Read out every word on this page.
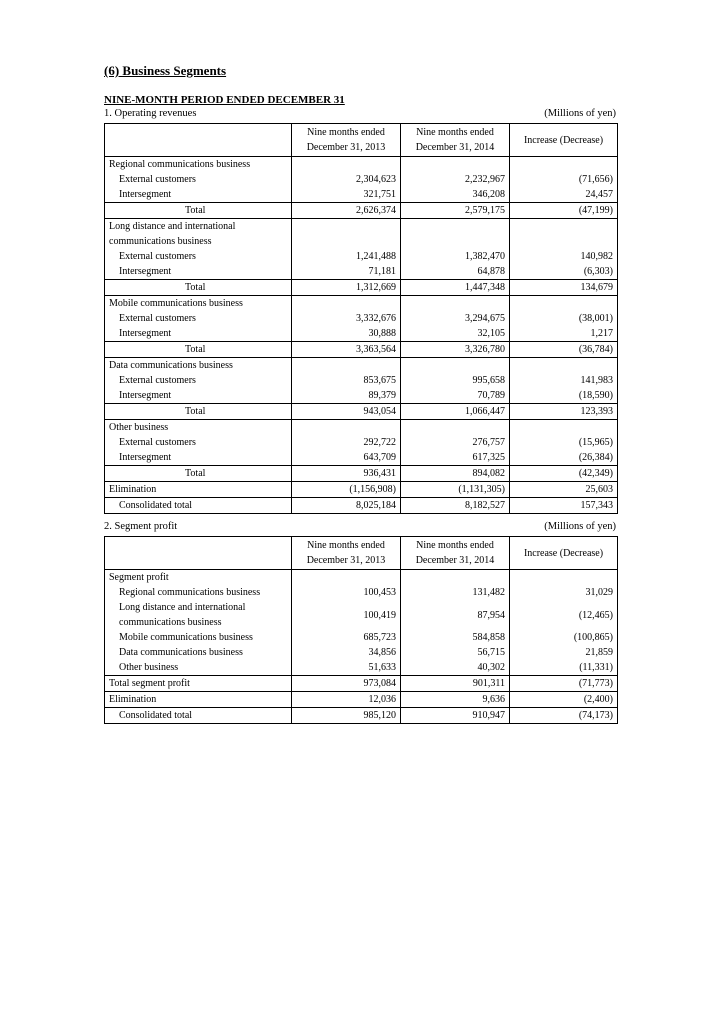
(6) Business Segments
NINE-MONTH PERIOD ENDED DECEMBER 31
1. Operating revenues	(Millions of yen)
	Nine months ended December 31, 2013	Nine months ended December 31, 2014	Increase (Decrease)
Regional communications business			
External customers	2,304,623	2,232,967	(71,656)
Intersegment	321,751	346,208	24,457
Total	2,626,374	2,579,175	(47,199)
Long distance and international communications business			
External customers	1,241,488	1,382,470	140,982
Intersegment	71,181	64,878	(6,303)
Total	1,312,669	1,447,348	134,679
Mobile communications business			
External customers	3,332,676	3,294,675	(38,001)
Intersegment	30,888	32,105	1,217
Total	3,363,564	3,326,780	(36,784)
Data communications business			
External customers	853,675	995,658	141,983
Intersegment	89,379	70,789	(18,590)
Total	943,054	1,066,447	123,393
Other business			
External customers	292,722	276,757	(15,965)
Intersegment	643,709	617,325	(26,384)
Total	936,431	894,082	(42,349)
Elimination	(1,156,908)	(1,131,305)	25,603
Consolidated total	8,025,184	8,182,527	157,343
2. Segment profit	(Millions of yen)
	Nine months ended December 31, 2013	Nine months ended December 31, 2014	Increase (Decrease)
Segment profit			
Regional communications business	100,453	131,482	31,029
Long distance and international communications business	100,419	87,954	(12,465)
Mobile communications business	685,723	584,858	(100,865)
Data communications business	34,856	56,715	21,859
Other business	51,633	40,302	(11,331)
Total segment profit	973,084	901,311	(71,773)
Elimination	12,036	9,636	(2,400)
Consolidated total	985,120	910,947	(74,173)
